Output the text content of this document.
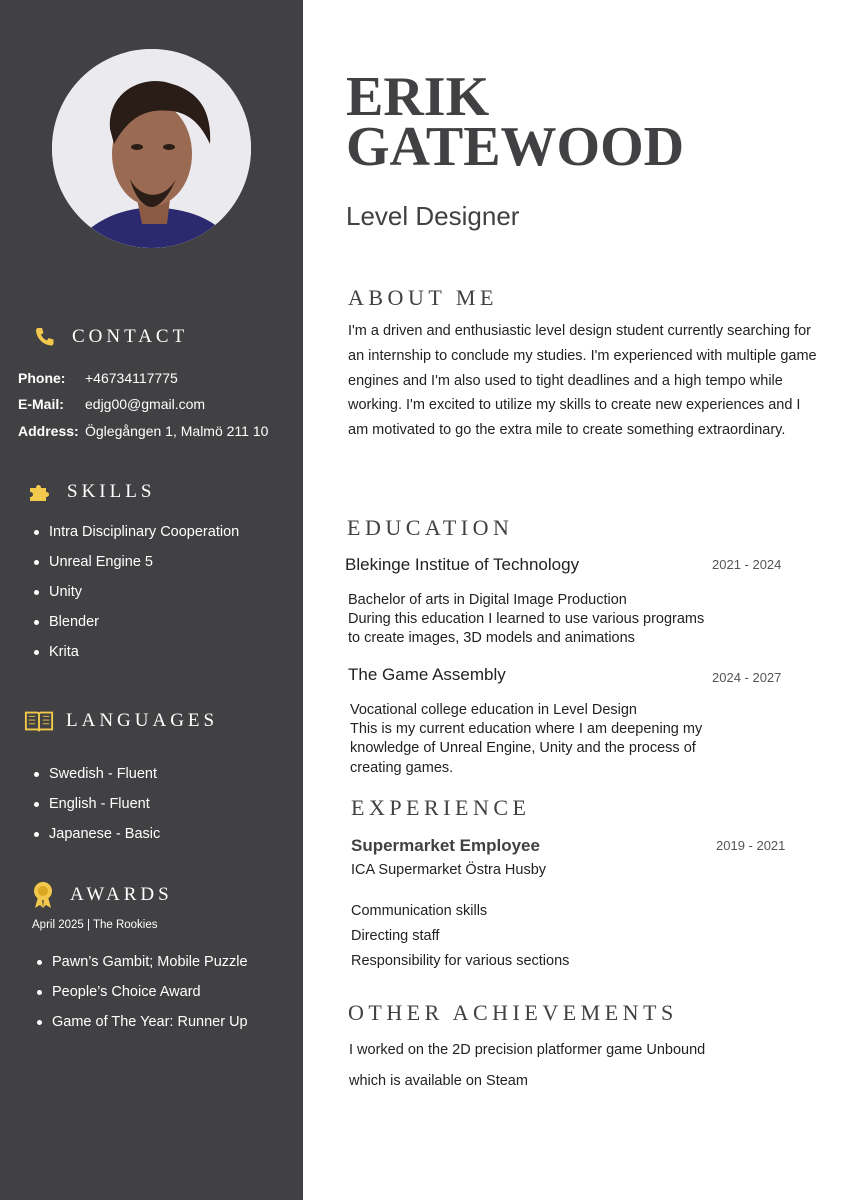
CONTACT
Phone: +46734117775
E-Mail: edjg00@gmail.com
Address: Öglegången 1, Malmö 211 10
SKILLS
Intra Disciplinary Cooperation
Unreal Engine 5
Unity
Blender
Krita
LANGUAGES
Swedish - Fluent
English - Fluent
Japanese - Basic
AWARDS
April 2025 | The Rookies
Pawn’s Gambit; Mobile Puzzle
People’s Choice Award
Game of The Year: Runner Up
ERIK
GATEWOOD
Level Designer
ABOUT ME
I'm a driven and enthusiastic level design student currently searching for an internship to conclude my studies. I'm experienced with multiple game engines and I'm also used to tight deadlines and a high tempo while working. I'm excited to utilize my skills to create new experiences and I am motivated to go the extra mile to create something extraordinary.
EDUCATION
Blekinge Institue of Technology	2021 - 2024
Bachelor of arts in Digital Image Production
During this education I learned to use various programs
to create images, 3D models and animations
The Game Assembly	2024 - 2027
Vocational college education in Level Design
This is my current education where I am deepening my
knowledge of Unreal Engine, Unity and the process of
creating games.
EXPERIENCE
Supermarket Employee	2019 - 2021
ICA Supermarket Östra Husby
Communication skills
Directing staff
Responsibility for various sections
OTHER ACHIEVEMENTS
I worked on the 2D precision platformer game Unbound
which is available on Steam
